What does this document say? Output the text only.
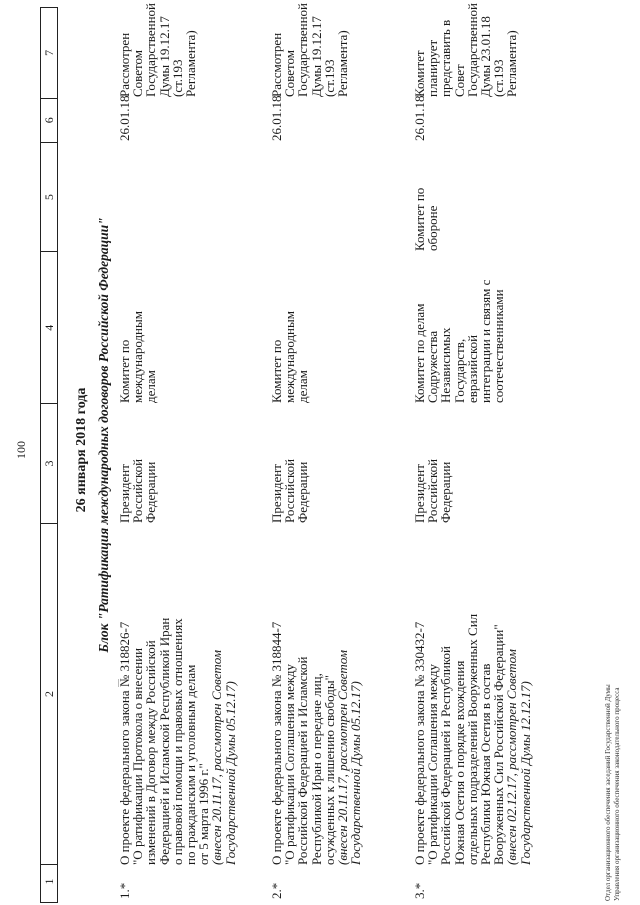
100
1
2
3
4
5
6
7
26 января 2018 года Блок "Ратификация международных договоров Российской Федерации"
1.*
О проекте федерального закона № 318826-7
"О ратификации Протокола о внесении
изменений в Договор между Российской
Федерацией и Исламской Республикой Иран
о правовой помощи и правовых отношениях
по гражданским и уголовным делам
от 5 марта 1996 г."
(внесен 20.11.17, рассмотрен Советом
Государственной Думы 05.12.17)
Президент
Российской
Федерации
Комитет по
международным
делам
26.01.18
Рассмотрен
Советом
Государственной
Думы 19.12.17
(ст.193 Регламента)
2.*
О проекте федерального закона № 318844-7
"О ратификации Соглашения между
Российской Федерацией и Исламской
Республикой Иран о передаче лиц,
осужденных к лишению свободы"
(внесен 20.11.17, рассмотрен Советом
Государственной Думы 05.12.17)
Президент
Российской
Федерации
Комитет по
международным
делам
26.01.18
Рассмотрен
Советом
Государственной
Думы 19.12.17
(ст.193 Регламента)
3.*
О проекте федерального закона № 330432-7
"О ратификации Соглашения между
Российской Федерацией и Республикой
Южная Осетия о порядке вхождения
отдельных подразделений Вооруженных Сил
Республики Южная Осетия в состав
Вооруженных Сил Российской Федерации"
(внесен 02.12.17, рассмотрен Советом
Государственной Думы 12.12.17)
Президент
Российской
Федерации
Комитет по делам
Содружества
Независимых
Государств,
евразийской
интеграции и связям с
соотечественниками
Комитет по обороне
26.01.18
Комитет планирует
представить в Совет
Государственной
Думы 23.01.18
(ст.193 Регламента)
Отдел организационного обеспечения заседаний Государственной Думы Управления организационного обеспечения законодательного процесса
